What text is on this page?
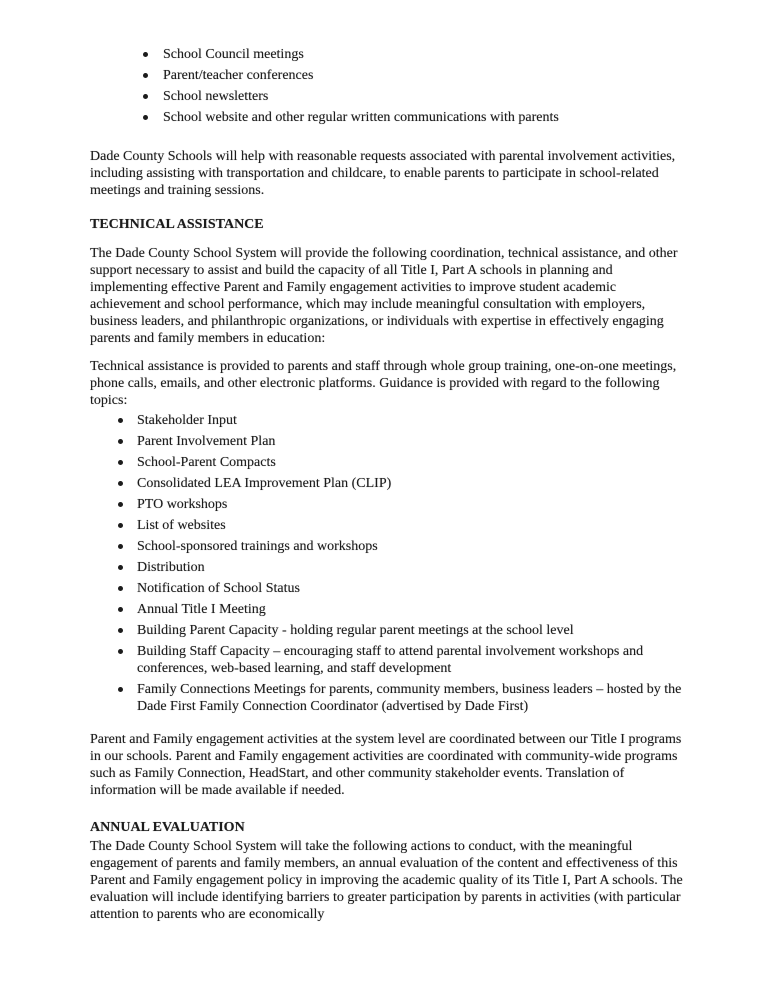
School Council meetings
Parent/teacher conferences
School newsletters
School website and other regular written communications with parents

Dade County Schools will help with reasonable requests associated with parental involvement activities, including assisting with transportation and childcare, to enable parents to participate in school-related meetings and training sessions.

TECHNICAL ASSISTANCE

The Dade County School System will provide the following coordination, technical assistance, and other support necessary to assist and build the capacity of all Title I, Part A schools in planning and implementing effective Parent and Family engagement activities to improve student academic achievement and school performance, which may include meaningful consultation with employers, business leaders, and philanthropic organizations, or individuals with expertise in effectively engaging parents and family members in education:

Technical assistance is provided to parents and staff through whole group training, one-on-one meetings, phone calls, emails, and other electronic platforms. Guidance is provided with regard to the following topics:

Stakeholder Input
Parent Involvement Plan
School-Parent Compacts
Consolidated LEA Improvement Plan (CLIP)
PTO workshops
List of websites
School-sponsored trainings and workshops
Distribution
Notification of School Status
Annual Title I Meeting
Building Parent Capacity - holding regular parent meetings at the school level
Building Staff Capacity – encouraging staff to attend parental involvement workshops and conferences, web-based learning, and staff development
Family Connections Meetings for parents, community members, business leaders – hosted by the Dade First Family Connection Coordinator (advertised by Dade First)

Parent and Family engagement activities at the system level are coordinated between our Title I programs in our schools. Parent and Family engagement activities are coordinated with community-wide programs such as Family Connection, HeadStart, and other community stakeholder events. Translation of information will be made available if needed.

ANNUAL EVALUATION

The Dade County School System will take the following actions to conduct, with the meaningful engagement of parents and family members, an annual evaluation of the content and effectiveness of this Parent and Family engagement policy in improving the academic quality of its Title I, Part A schools. The evaluation will include identifying barriers to greater participation by parents in activities (with particular attention to parents who are economically
